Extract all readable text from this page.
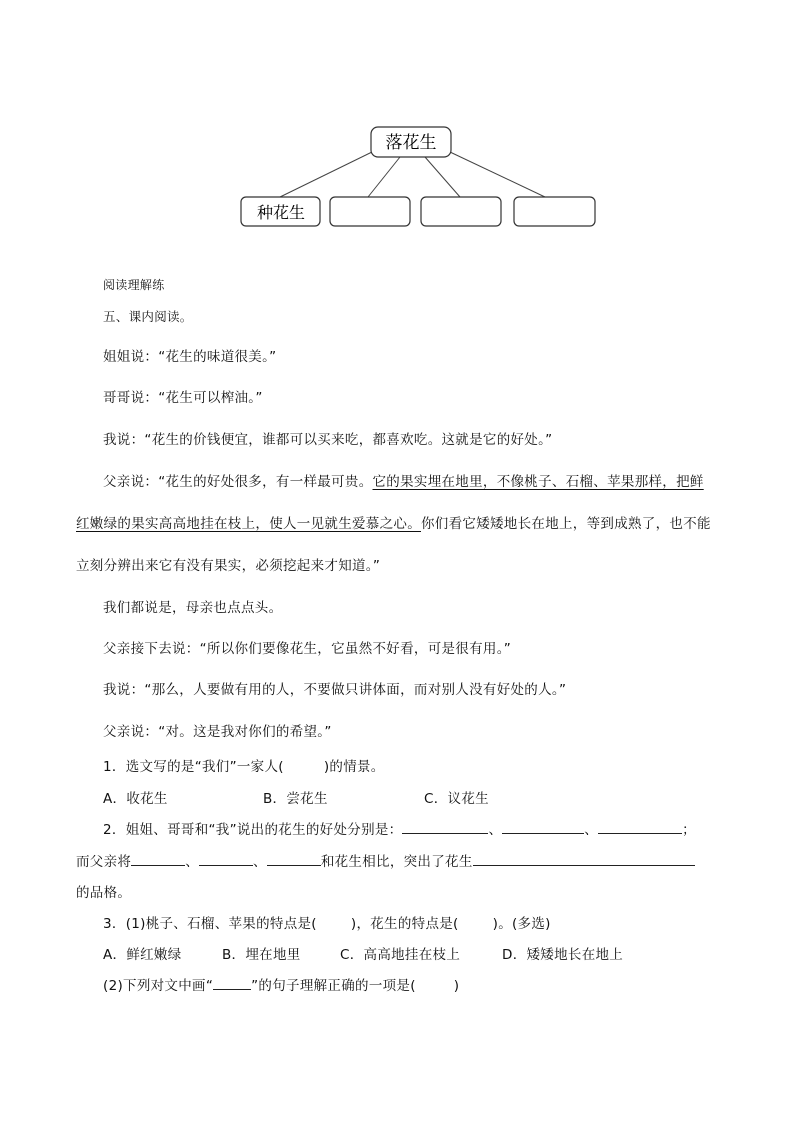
落花生
种花生
阅读理解练
五、课内阅读。
姐姐说：“花生的味道很美。”
哥哥说：“花生可以榨油。”
我说：“花生的价钱便宜，谁都可以买来吃，都喜欢吃。这就是它的好处。”
父亲说：“花生的好处很多，有一样最可贵。它的果实埋在地里，不像桃子、石榴、苹果那样，把鲜
红嫩绿的果实高高地挂在枝上，使人一见就生爱慕之心。你们看它矮矮地长在地上，等到成熟了，也不能
立刻分辨出来它有没有果实，必须挖起来才知道。”
我们都说是，母亲也点点头。
父亲接下去说：“所以你们要像花生，它虽然不好看，可是很有用。”
我说：“那么，人要做有用的人，不要做只讲体面，而对别人没有好处的人。”
父亲说：“对。这是我对你们的希望。”
1．选文写的是“我们”一家人(	)的情景。
A．收花生	B．尝花生	C．议花生
2．姐姐、哥哥和“我”说出的花生的好处分别是：	、	、	；
而父亲将	、	、	和花生相比，突出了花生
的品格。
3．(1)桃子、石榴、苹果的特点是(	)，花生的特点是(	)。(多选)
A．鲜红嫩绿	B．埋在地里	C．高高地挂在枝上	D．矮矮地长在地上
(2)下列对文中画“	”的句子理解正确的一项是(	)
